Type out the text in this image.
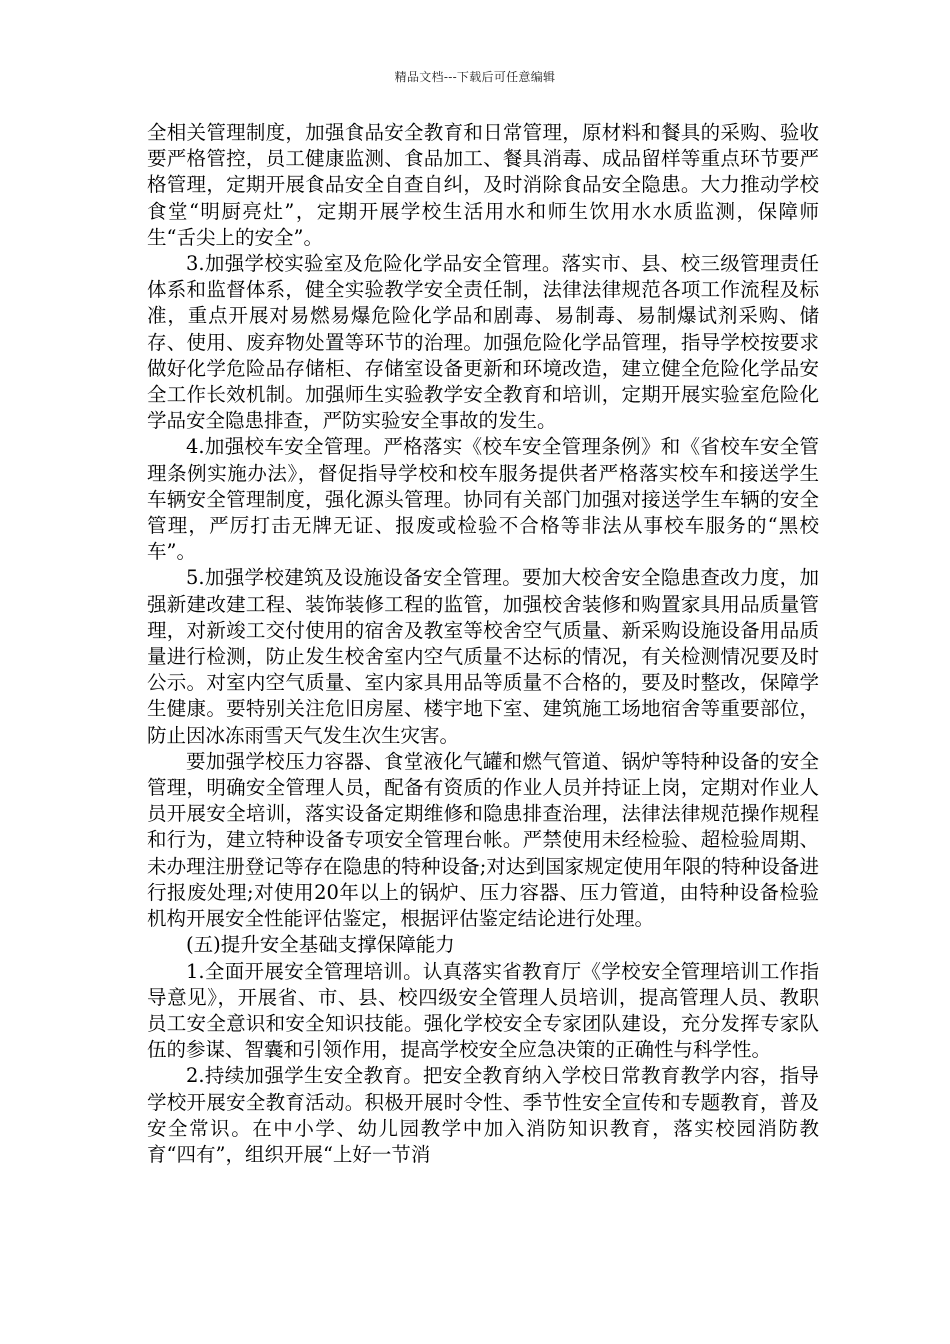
精品文档---下载后可任意编辑

全相关管理制度，加强食品安全教育和日常管理，原材料和餐具的采购、验收要严格管控，员工健康监测、食品加工、餐具消毒、成品留样等重点环节要严格管理，定期开展食品安全自查自纠，及时消除食品安全隐患。大力推动学校食堂“明厨亮灶”，定期开展学校生活用水和师生饮用水水质监测，保障师生“舌尖上的安全”。

3.加强学校实验室及危险化学品安全管理。落实市、县、校三级管理责任体系和监督体系，健全实验教学安全责任制，法律法律规范各项工作流程及标准，重点开展对易燃易爆危险化学品和剧毒、易制毒、易制爆试剂采购、储存、使用、废弃物处置等环节的治理。加强危险化学品管理，指导学校按要求做好化学危险品存储柜、存储室设备更新和环境改造，建立健全危险化学品安全工作长效机制。加强师生实验教学安全教育和培训，定期开展实验室危险化学品安全隐患排查，严防实验安全事故的发生。

4.加强校车安全管理。严格落实《校车安全管理条例》和《省校车安全管理条例实施办法》，督促指导学校和校车服务提供者严格落实校车和接送学生车辆安全管理制度，强化源头管理。协同有关部门加强对接送学生车辆的安全管理，严厉打击无牌无证、报废或检验不合格等非法从事校车服务的“黑校车”。

5.加强学校建筑及设施设备安全管理。要加大校舍安全隐患查改力度，加强新建改建工程、装饰装修工程的监管，加强校舍装修和购置家具用品质量管理，对新竣工交付使用的宿舍及教室等校舍空气质量、新采购设施设备用品质量进行检测，防止发生校舍室内空气质量不达标的情况，有关检测情况要及时公示。对室内空气质量、室内家具用品等质量不合格的，要及时整改，保障学生健康。要特别关注危旧房屋、楼宇地下室、建筑施工场地宿舍等重要部位，防止因冰冻雨雪天气发生次生灾害。

要加强学校压力容器、食堂液化气罐和燃气管道、锅炉等特种设备的安全管理，明确安全管理人员，配备有资质的作业人员并持证上岗，定期对作业人员开展安全培训，落实设备定期维修和隐患排查治理，法律法律规范操作规程和行为，建立特种设备专项安全管理台帐。严禁使用未经检验、超检验周期、未办理注册登记等存在隐患的特种设备;对达到国家规定使用年限的特种设备进行报废处理;对使用20年以上的锅炉、压力容器、压力管道，由特种设备检验机构开展安全性能评估鉴定，根据评估鉴定结论进行处理。

(五)提升安全基础支撑保障能力

1.全面开展安全管理培训。认真落实省教育厅《学校安全管理培训工作指导意见》，开展省、市、县、校四级安全管理人员培训，提高管理人员、教职员工安全意识和安全知识技能。强化学校安全专家团队建设，充分发挥专家队伍的参谋、智囊和引领作用，提高学校安全应急决策的正确性与科学性。

2.持续加强学生安全教育。把安全教育纳入学校日常教育教学内容，指导学校开展安全教育活动。积极开展时令性、季节性安全宣传和专题教育，普及安全常识。在中小学、幼儿园教学中加入消防知识教育，落实校园消防教育“四有”，组织开展“上好一节消
